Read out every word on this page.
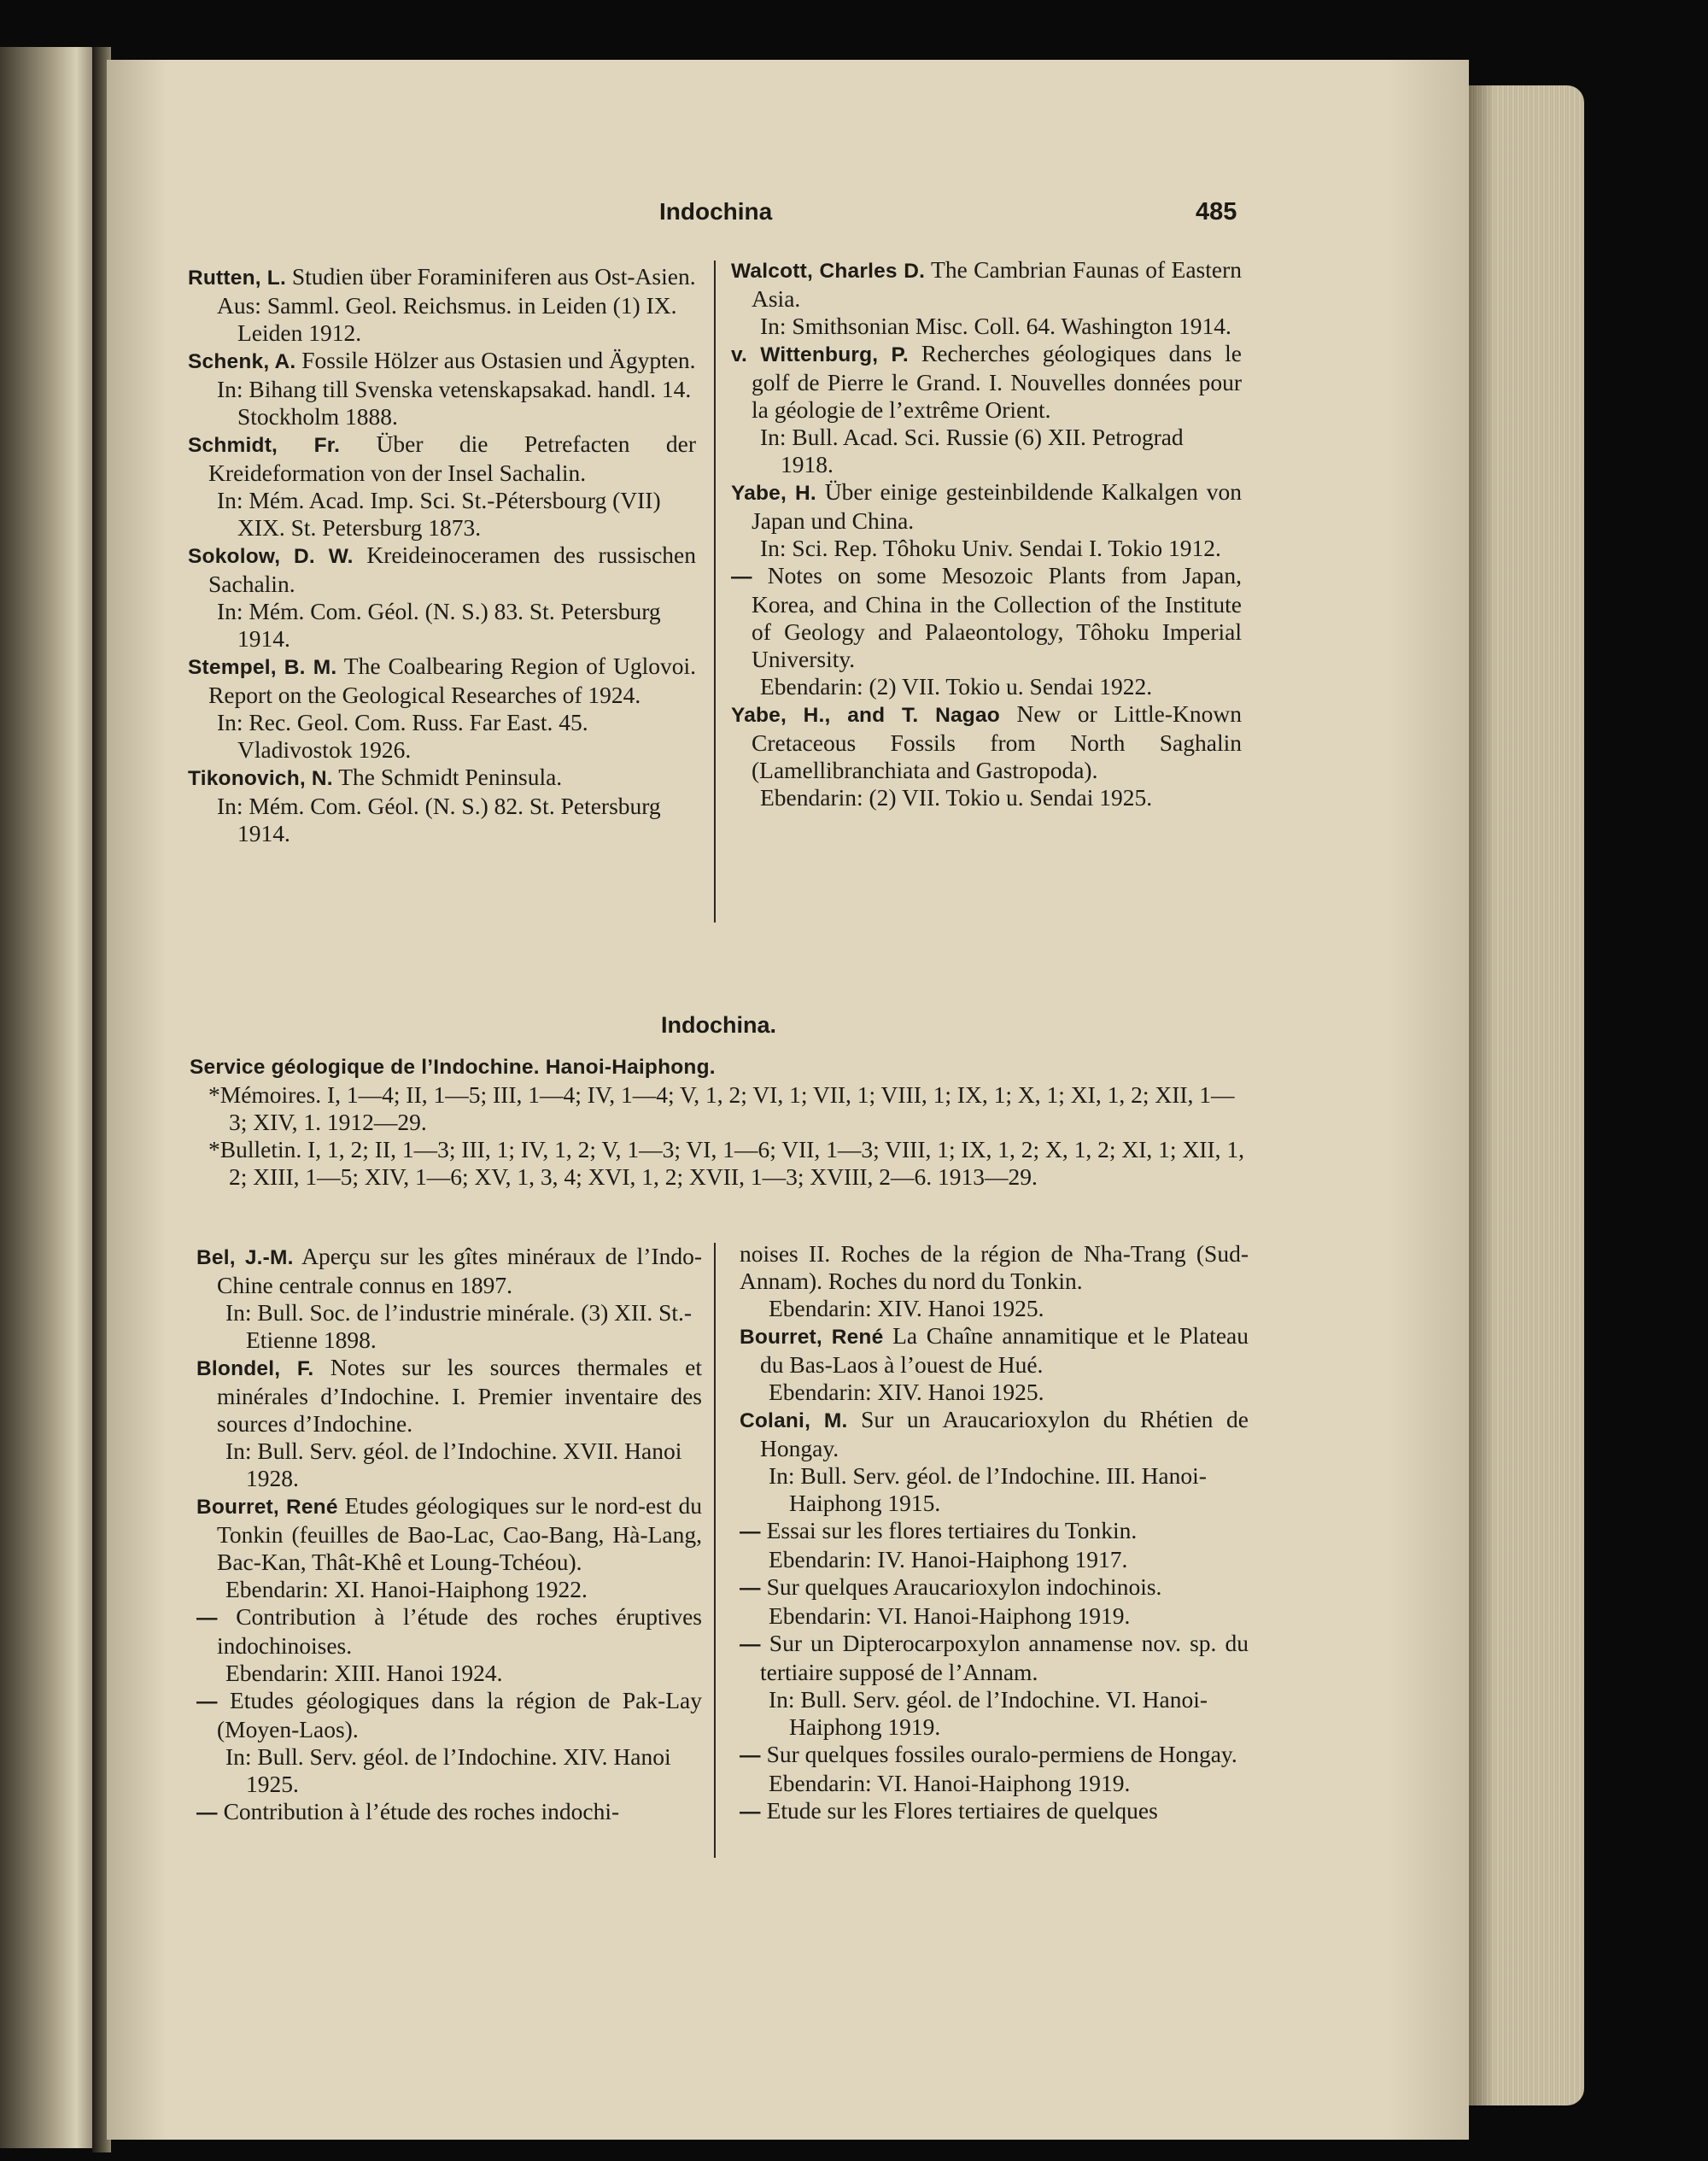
Indochina	485

Rutten, L. Studien über Foraminiferen aus Ost-Asien.

Aus: Samml. Geol. Reichsmus. in Leiden (1) IX. Leiden 1912.

Schenk, A. Fossile Hölzer aus Ostasien und Ägypten.

In: Bihang till Svenska vetenskapsakad. handl. 14. Stockholm 1888.

Schmidt, Fr. Über die Petrefacten der Kreideformation von der Insel Sachalin.

In: Mém. Acad. Imp. Sci. St.-Pétersbourg (VII) XIX. St. Petersburg 1873.

Sokolow, D. W. Kreideinoceramen des russischen Sachalin.

In: Mém. Com. Géol. (N. S.) 83. St. Petersburg 1914.

Stempel, B. M. The Coalbearing Region of Uglovoi. Report on the Geological Researches of 1924.

In: Rec. Geol. Com. Russ. Far East. 45. Vladivostok 1926.

Tikonovich, N. The Schmidt Peninsula.

In: Mém. Com. Géol. (N. S.) 82. St. Petersburg 1914.

Walcott, Charles D. The Cambrian Faunas of Eastern Asia.

In: Smithsonian Misc. Coll. 64. Washington 1914.

v. Wittenburg, P. Recherches géologiques dans le golf de Pierre le Grand. I. Nouvelles données pour la géologie de l’extrême Orient.

In: Bull. Acad. Sci. Russie (6) XII. Petrograd 1918.

Yabe, H. Über einige gesteinbildende Kalkalgen von Japan und China.

In: Sci. Rep. Tôhoku Univ. Sendai I. Tokio 1912.

— Notes on some Mesozoic Plants from Japan, Korea, and China in the Collection of the Institute of Geology and Palaeontology, Tôhoku Imperial University.

Ebendarin: (2) VII. Tokio u. Sendai 1922.

Yabe, H., and T. Nagao New or Little-Known Cretaceous Fossils from North Saghalin (Lamellibranchiata and Gastropoda).

Ebendarin: (2) VII. Tokio u. Sendai 1925.

Indochina.

Service géologique de l’Indochine. Hanoi-Haiphong.

*Mémoires. I, 1—4; II, 1—5; III, 1—4; IV, 1—4; V, 1, 2; VI, 1; VII, 1; VIII, 1; IX, 1; X, 1; XI, 1, 2; XII, 1—3; XIV, 1. 1912—29.

*Bulletin. I, 1, 2; II, 1—3; III, 1; IV, 1, 2; V, 1—3; VI, 1—6; VII, 1—3; VIII, 1; IX, 1, 2; X, 1, 2; XI, 1; XII, 1, 2; XIII, 1—5; XIV, 1—6; XV, 1, 3, 4; XVI, 1, 2; XVII, 1—3; XVIII, 2—6. 1913—29.

Bel, J.-M. Aperçu sur les gîtes minéraux de l’Indo-Chine centrale connus en 1897.

In: Bull. Soc. de l’industrie minérale. (3) XII. St.-Etienne 1898.

Blondel, F. Notes sur les sources thermales et minérales d’Indochine. I. Premier inventaire des sources d’Indochine.

In: Bull. Serv. géol. de l’Indochine. XVII. Hanoi 1928.

Bourret, René Etudes géologiques sur le nord-est du Tonkin (feuilles de Bao-Lac, Cao-Bang, Hà-Lang, Bac-Kan, Thât-Khê et Loung-Tchéou).

Ebendarin: XI. Hanoi-Haiphong 1922.

— Contribution à l’étude des roches éruptives indochinoises.

Ebendarin: XIII. Hanoi 1924.

— Etudes géologiques dans la région de Pak-Lay (Moyen-Laos).

In: Bull. Serv. géol. de l’Indochine. XIV. Hanoi 1925.

— Contribution à l’étude des roches indochi-

noises II. Roches de la région de Nha-Trang (Sud-Annam). Roches du nord du Tonkin.

Ebendarin: XIV. Hanoi 1925.

Bourret, René La Chaîne annamitique et le Plateau du Bas-Laos à l’ouest de Hué.

Ebendarin: XIV. Hanoi 1925.

Colani, M. Sur un Araucarioxylon du Rhétien de Hongay.

In: Bull. Serv. géol. de l’Indochine. III. Hanoi-Haiphong 1915.

— Essai sur les flores tertiaires du Tonkin.

Ebendarin: IV. Hanoi-Haiphong 1917.

— Sur quelques Araucarioxylon indochinois.

Ebendarin: VI. Hanoi-Haiphong 1919.

— Sur un Dipterocarpoxylon annamense nov. sp. du tertiaire supposé de l’Annam.

In: Bull. Serv. géol. de l’Indochine. VI. Hanoi-Haiphong 1919.

— Sur quelques fossiles ouralo-permiens de Hongay.

Ebendarin: VI. Hanoi-Haiphong 1919.

— Etude sur les Flores tertiaires de quelques
